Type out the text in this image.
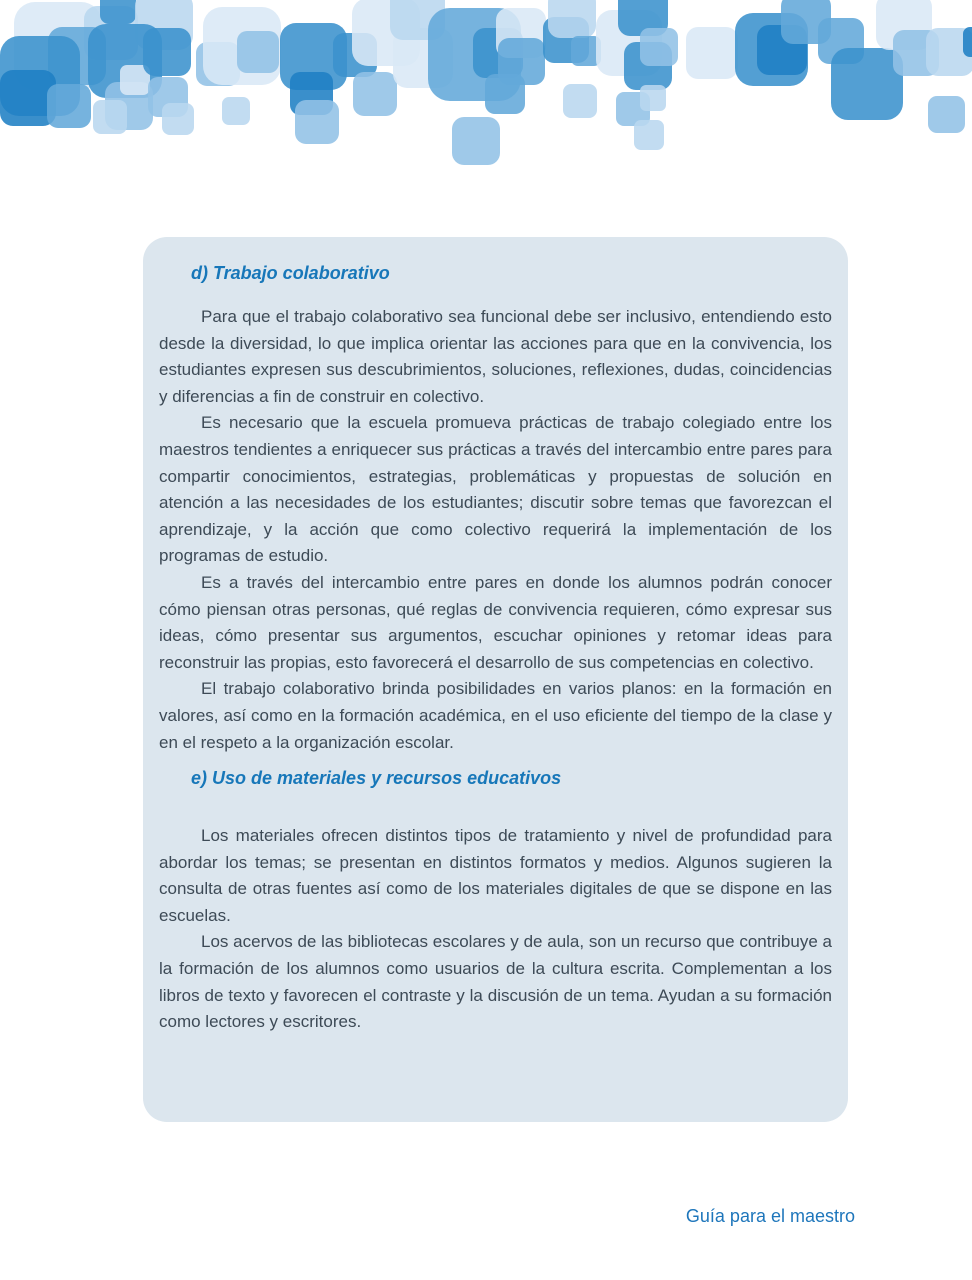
d) Trabajo colaborativo

Para que el trabajo colaborativo sea funcional debe ser inclusivo, entendiendo esto desde la diversidad, lo que implica orientar las acciones para que en la convivencia, los estudiantes expresen sus descubrimientos, soluciones, reflexiones, dudas, coincidencias y diferencias a fin de construir en colectivo.

Es necesario que la escuela promueva prácticas de trabajo colegiado entre los maestros tendientes a enriquecer sus prácticas a través del intercambio entre pares para compartir conocimientos, estrategias, problemáticas y propuestas de solución en atención a las necesidades de los estudiantes; discutir sobre temas que favorezcan el aprendizaje, y la acción que como colectivo requerirá la implementación de los programas de estudio.

Es a través del intercambio entre pares en donde los alumnos podrán conocer cómo piensan otras personas, qué reglas de convivencia requieren, cómo expresar sus ideas, cómo presentar sus argumentos, escuchar opiniones y retomar ideas para reconstruir las propias, esto favorecerá el desarrollo de sus competencias en colectivo.

El trabajo colaborativo brinda posibilidades en varios planos: en la formación en valores, así como en la formación académica, en el uso eficiente del tiempo de la clase y en el respeto a la organización escolar.

e) Uso de materiales y recursos educativos

Los materiales ofrecen distintos tipos de tratamiento y nivel de profundidad para abordar los temas; se presentan en distintos formatos y medios. Algunos sugieren la consulta de otras fuentes así como de los materiales digitales de que se dispone en las escuelas.

Los acervos de las bibliotecas escolares y de aula, son un recurso que contribuye a la formación de los alumnos como usuarios de la cultura escrita. Complementan a los libros de texto y favorecen el contraste y la discusión de un tema. Ayudan a su formación como lectores y escritores.

Guía para el maestro
